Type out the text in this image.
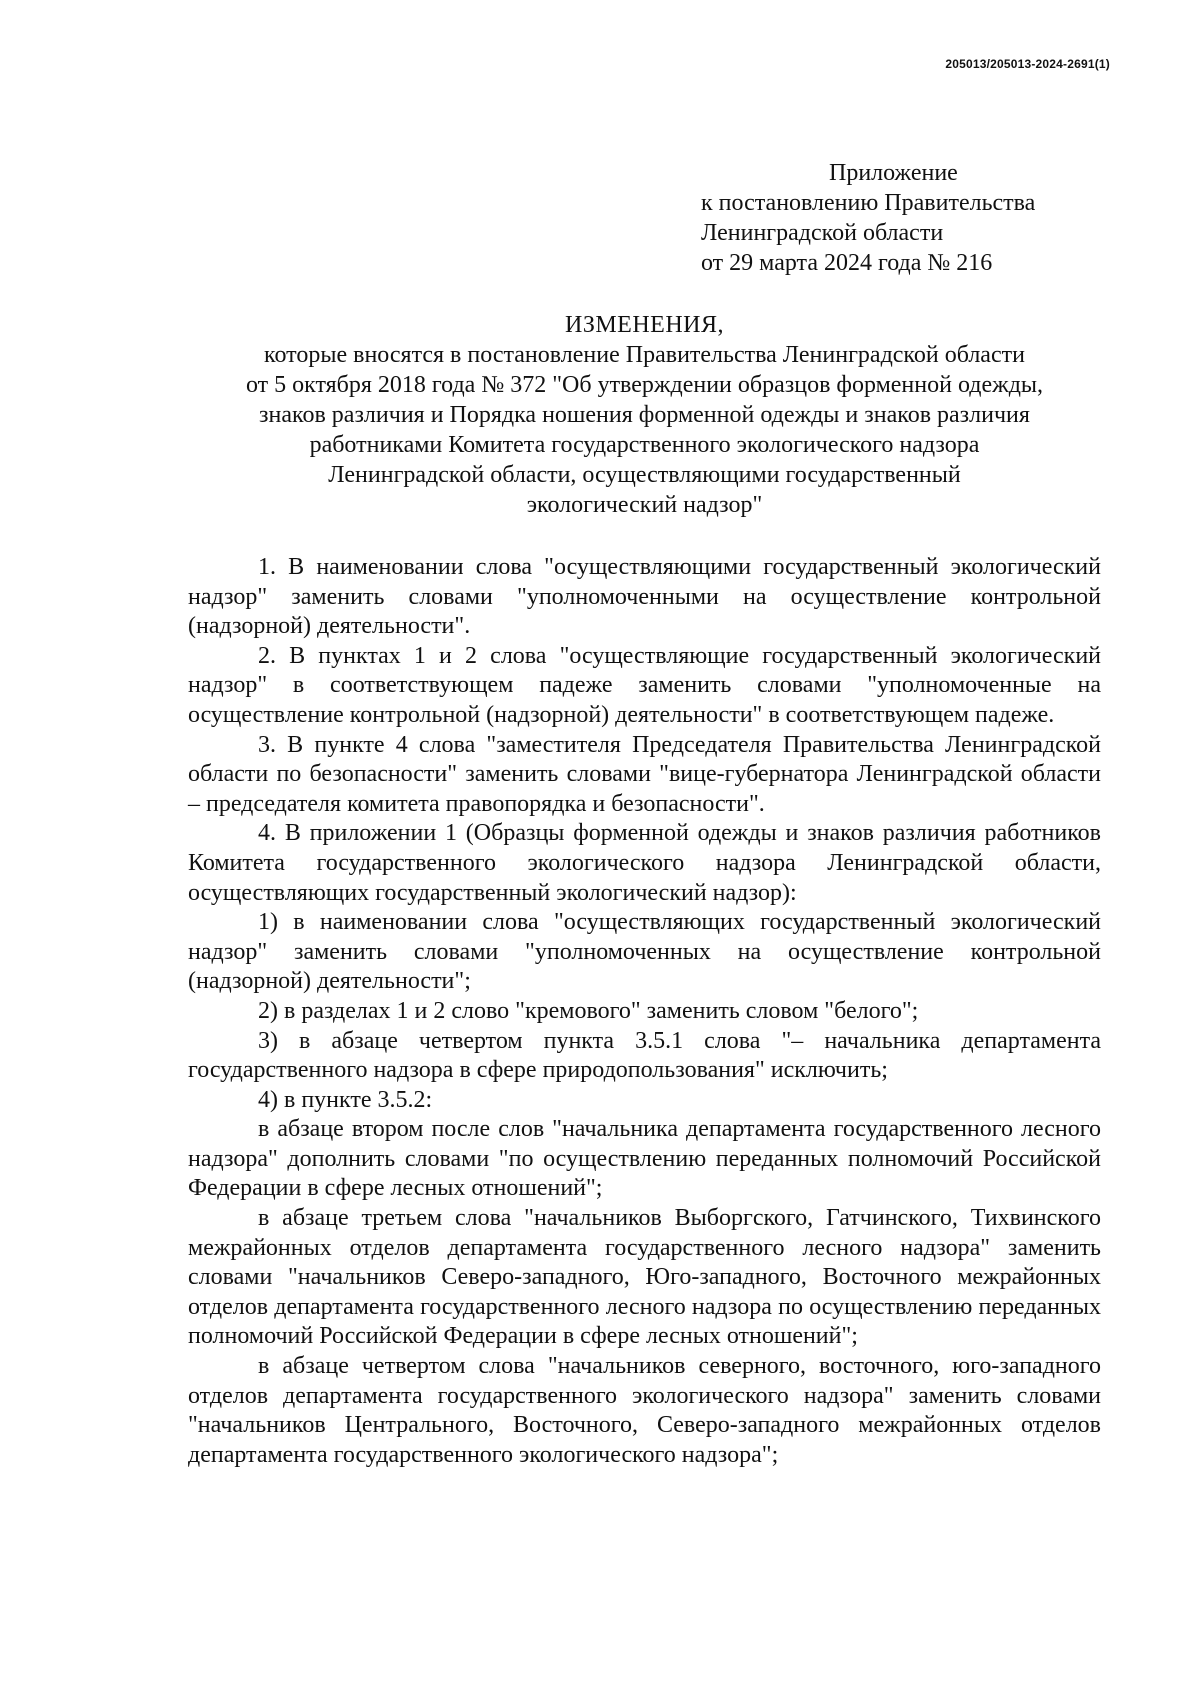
205013/205013-2024-2691(1)
Приложение
к постановлению Правительства
Ленинградской области
от 29 марта 2024 года № 216
ИЗМЕНЕНИЯ,
которые вносятся в постановление Правительства Ленинградской области
от 5 октября 2018 года № 372 "Об утверждении образцов форменной одежды,
знаков различия и Порядка ношения форменной одежды и знаков различия
работниками Комитета государственного экологического надзора
Ленинградской области, осуществляющими государственный
экологический надзор"

1. В наименовании слова "осуществляющими государственный экологический надзор" заменить словами "уполномоченными на осуществление контрольной (надзорной) деятельности".

2. В пунктах 1 и 2 слова "осуществляющие государственный экологический надзор" в соответствующем падеже заменить словами "уполномоченные на осуществление контрольной (надзорной) деятельности" в соответствующем падеже.

3. В пункте 4 слова "заместителя Председателя Правительства Ленинградской области по безопасности" заменить словами "вице-губернатора Ленинградской области – председателя комитета правопорядка и безопасности".

4. В приложении 1 (Образцы форменной одежды и знаков различия работников Комитета государственного экологического надзора Ленинградской области, осуществляющих государственный экологический надзор):

1) в наименовании слова "осуществляющих государственный экологический надзор" заменить словами "уполномоченных на осуществление контрольной (надзорной) деятельности";

2) в разделах 1 и 2 слово "кремового" заменить словом "белого";

3) в абзаце четвертом пункта 3.5.1 слова "– начальника департамента государственного надзора в сфере природопользования" исключить;

4) в пункте 3.5.2:

в абзаце втором после слов "начальника департамента государственного лесного надзора" дополнить словами "по осуществлению переданных полномочий Российской Федерации в сфере лесных отношений";

в абзаце третьем слова "начальников Выборгского, Гатчинского, Тихвинского межрайонных отделов департамента государственного лесного надзора" заменить словами "начальников Северо-западного, Юго-западного, Восточного межрайонных отделов департамента государственного лесного надзора по осуществлению переданных полномочий Российской Федерации в сфере лесных отношений";

в абзаце четвертом слова "начальников северного, восточного, юго-западного отделов департамента государственного экологического надзора" заменить словами "начальников Центрального, Восточного, Северо-западного межрайонных отделов департамента государственного экологического надзора";
